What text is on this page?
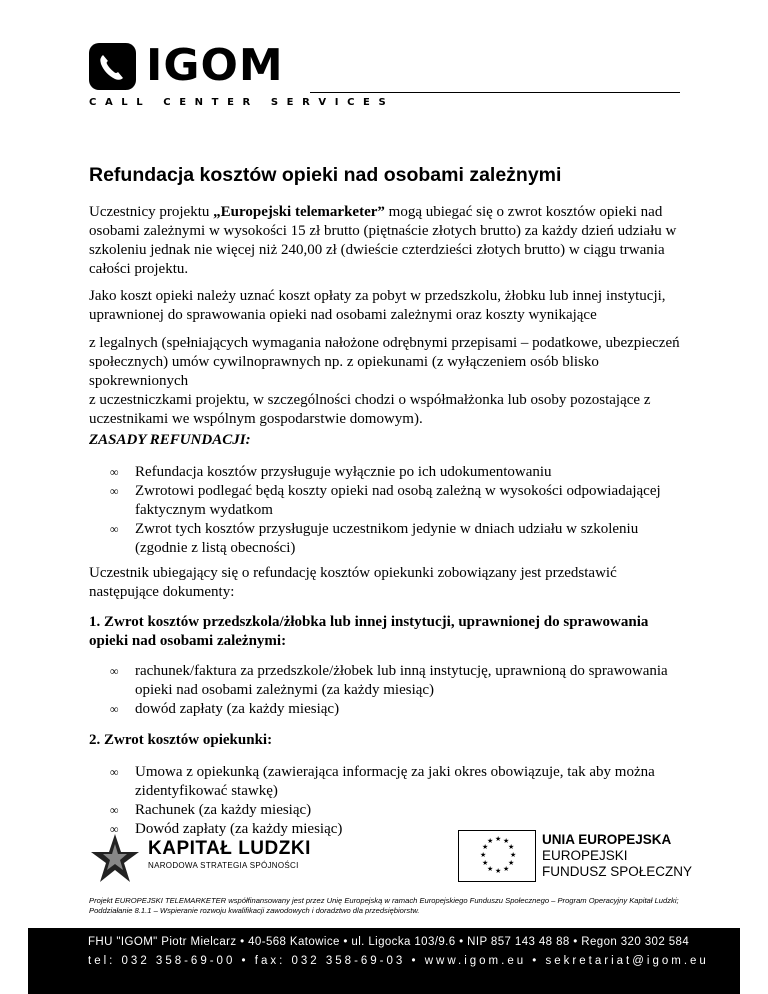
IGOM
CALL CENTER SERVICES
Refundacja kosztów opieki nad osobami zależnymi
Uczestnicy projektu „Europejski telemarketer” mogą ubiegać się o zwrot kosztów opieki nad osobami zależnymi w wysokości 15 zł brutto (piętnaście złotych brutto) za każdy dzień udziału w szkoleniu jednak nie więcej niż 240,00 zł (dwieście czterdzieści złotych brutto) w ciągu trwania całości projektu.
Jako koszt opieki należy uznać koszt opłaty za pobyt w przedszkolu, żłobku lub innej instytucji, uprawnionej do sprawowania opieki nad osobami zależnymi oraz koszty wynikające
z legalnych (spełniających wymagania nałożone odrębnymi przepisami – podatkowe, ubezpieczeń społecznych) umów cywilnoprawnych np. z opiekunami (z wyłączeniem osób blisko spokrewnionych
z uczestniczkami projektu, w szczególności chodzi o współmałżonka lub osoby pozostające z uczestnikami we wspólnym gospodarstwie domowym).
ZASADY REFUNDACJI:
∞ Refundacja kosztów przysługuje wyłącznie po ich udokumentowaniu
∞ Zwrotowi podlegać będą koszty opieki nad osobą zależną w wysokości odpowiadającej faktycznym wydatkom
∞ Zwrot tych kosztów przysługuje uczestnikom jedynie w dniach udziału w szkoleniu (zgodnie z listą obecności)
Uczestnik ubiegający się o refundację kosztów opiekunki zobowiązany jest przedstawić następujące dokumenty:
1. Zwrot kosztów przedszkola/żłobka lub innej instytucji, uprawnionej do sprawowania opieki nad osobami zależnymi:
∞ rachunek/faktura za przedszkole/żłobek lub inną instytucję, uprawnioną do sprawowania opieki nad osobami zależnymi (za każdy miesiąc)
∞ dowód zapłaty (za każdy miesiąc)
2. Zwrot kosztów opiekunki:
∞ Umowa z opiekunką (zawierająca informację za jaki okres obowiązuje, tak aby można zidentyfikować stawkę)
∞ Rachunek (za każdy miesiąc)
∞ Dowód zapłaty (za każdy miesiąc)
KAPITAŁ LUDZKI
NARODOWA STRATEGIA SPÓJNOŚCI
★ ★
★
★
★
★
★
★
★
★
★
★	UNIA EUROPEJSKA
EUROPEJSKI
FUNDUSZ SPOŁECZNY
Projekt EUROPEJSKI TELEMARKETER współfinansowany jest przez Unię Europejską w ramach Europejskiego Funduszu Społecznego – Program Operacyjny Kapitał Ludzki; Poddziałanie 8.1.1 – Wspieranie rozwoju kwalifikacji zawodowych i doradztwo dla przedsiębiorstw.
FHU "IGOM" Piotr Mielcarz • 40-568 Katowice • ul. Ligocka 103/9.6 • NIP 857 143 48 88 • Regon 320 302 584
tel: 032 358-69-00 • fax: 032 358-69-03 • www.igom.eu • sekretariat@igom.eu
